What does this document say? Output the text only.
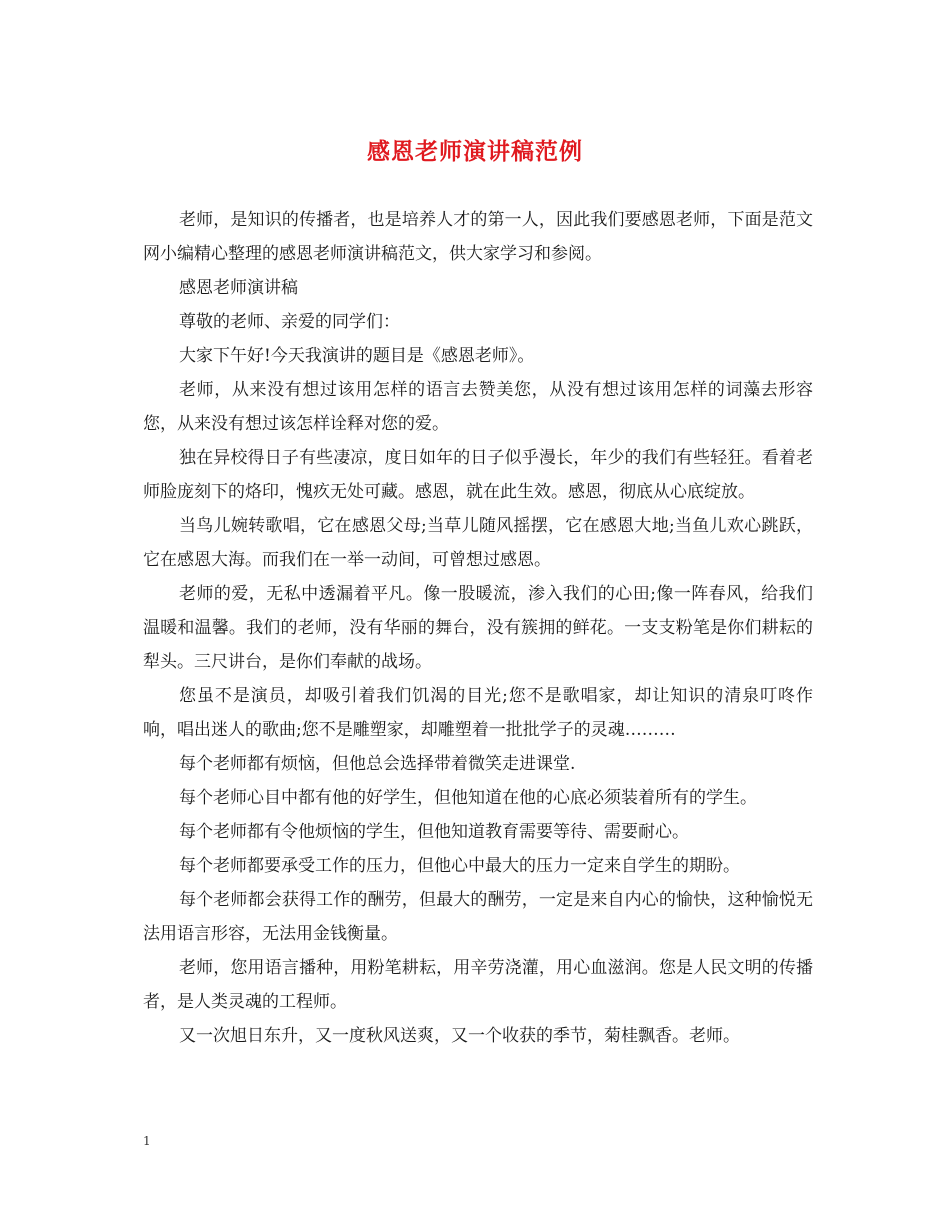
感恩老师演讲稿范例

老师，是知识的传播者，也是培养人才的第一人，因此我们要感恩老师，下面是范文网小编精心整理的感恩老师演讲稿范文，供大家学习和参阅。

感恩老师演讲稿

尊敬的老师、亲爱的同学们：

大家下午好!今天我演讲的题目是《感恩老师》。

老师，从来没有想过该用怎样的语言去赞美您，从没有想过该用怎样的词藻去形容您，从来没有想过该怎样诠释对您的爱。

独在异校得日子有些凄凉，度日如年的日子似乎漫长，年少的我们有些轻狂。看着老师脸庞刻下的烙印，愧疚无处可藏。感恩，就在此生效。感恩，彻底从心底绽放。

当鸟儿婉转歌唱，它在感恩父母;当草儿随风摇摆，它在感恩大地;当鱼儿欢心跳跃，它在感恩大海。而我们在一举一动间，可曾想过感恩。

老师的爱，无私中透漏着平凡。像一股暖流，渗入我们的心田;像一阵春风，给我们温暖和温馨。我们的老师，没有华丽的舞台，没有簇拥的鲜花。一支支粉笔是你们耕耘的犁头。三尺讲台，是你们奉献的战场。

您虽不是演员，却吸引着我们饥渴的目光;您不是歌唱家，却让知识的清泉叮咚作响，唱出迷人的歌曲;您不是雕塑家，却雕塑着一批批学子的灵魂………

每个老师都有烦恼，但他总会选择带着微笑走进课堂.

每个老师心目中都有他的好学生，但他知道在他的心底必须装着所有的学生。

每个老师都有令他烦恼的学生，但他知道教育需要等待、需要耐心。

每个老师都要承受工作的压力，但他心中最大的压力一定来自学生的期盼。

每个老师都会获得工作的酬劳，但最大的酬劳，一定是来自内心的愉快，这种愉悦无法用语言形容，无法用金钱衡量。

老师，您用语言播种，用粉笔耕耘，用辛劳浇灌，用心血滋润。您是人民文明的传播者，是人类灵魂的工程师。

又一次旭日东升，又一度秋风送爽，又一个收获的季节，菊桂飘香。老师。

1
